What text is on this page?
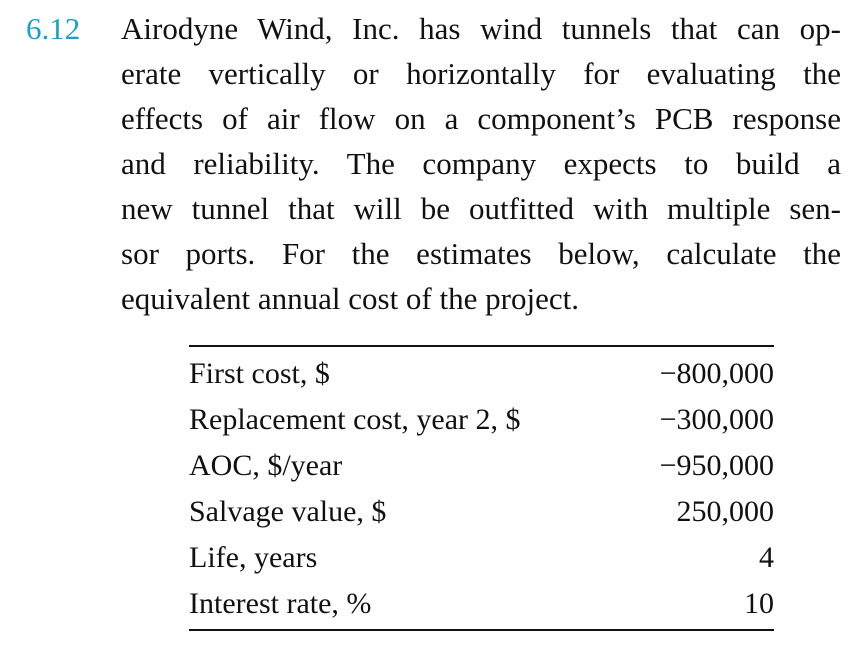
6.12 Airodyne Wind, Inc. has wind tunnels that can op-
erate vertically or horizontally for evaluating the
effects of air flow on a component’s PCB response
and reliability. The company expects to build a
new tunnel that will be outfitted with multiple sen-
sor ports. For the estimates below, calculate the
equivalent annual cost of the project.
First cost, $	−800,000
Replacement cost, year 2, $	−300,000
AOC, $/year	−950,000
Salvage value, $	250,000
Life, years	4
Interest rate, %	10
